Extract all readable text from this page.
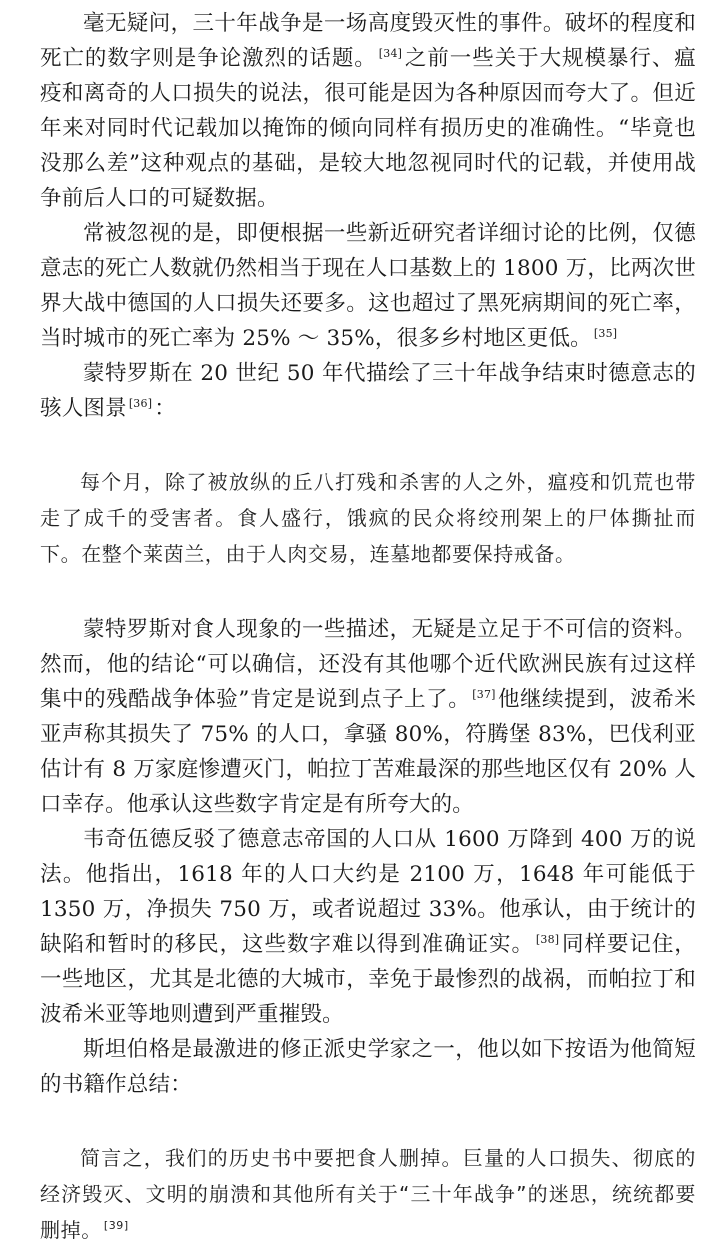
毫无疑问，三十年战争是一场高度毁灭性的事件。破坏的程度和死亡的数字则是争论激烈的话题。 [34]之前一些关于大规模暴行、瘟疫和离奇的人口损失的说法，很可能是因为各种原因而夸大了。但近年来对同时代记载加以掩饰的倾向同样有损历史的准确性。“毕竟也没那么差”这种观点的基础，是较大地忽视同时代的记载，并使用战争前后人口的可疑数据。

常被忽视的是，即便根据一些新近研究者详细讨论的比例，仅德意志的死亡人数就仍然相当于现在人口基数上的 1800 万，比两次世界大战中德国的人口损失还要多。这也超过了黑死病期间的死亡率，当时城市的死亡率为 25% ～ 35%，很多乡村地区更低。 [35]

蒙特罗斯在 20 世纪 50 年代描绘了三十年战争结束时德意志的骇人图景 [36]：

每个月，除了被放纵的丘八打残和杀害的人之外，瘟疫和饥荒也带走了成千的受害者。食人盛行，饿疯的民众将绞刑架上的尸体撕扯而下。在整个莱茵兰，由于人肉交易，连墓地都要保持戒备。

蒙特罗斯对食人现象的一些描述，无疑是立足于不可信的资料。然而，他的结论“可以确信，还没有其他哪个近代欧洲民族有过这样集中的残酷战争体验”肯定是说到点子上了。 [37]他继续提到，波希米亚声称其损失了 75% 的人口，拿骚 80%，符腾堡 83%，巴伐利亚估计有 8 万家庭惨遭灭门，帕拉丁苦难最深的那些地区仅有 20% 人口幸存。他承认这些数字肯定是有所夸大的。

韦奇伍德反驳了德意志帝国的人口从 1600 万降到 400 万的说法。他指出，1618 年的人口大约是 2100 万，1648 年可能低于 1350 万，净损失 750 万，或者说超过 33%。他承认，由于统计的缺陷和暂时的移民，这些数字难以得到准确证实。 [38]同样要记住，一些地区，尤其是北德的大城市，幸免于最惨烈的战祸，而帕拉丁和波希米亚等地则遭到严重摧毁。

斯坦伯格是最激进的修正派史学家之一，他以如下按语为他简短的书籍作总结：

简言之，我们的历史书中要把食人删掉。巨量的人口损失、彻底的经济毁灭、文明的崩溃和其他所有关于“三十年战争”的迷思，统统都要删掉。 [39]
